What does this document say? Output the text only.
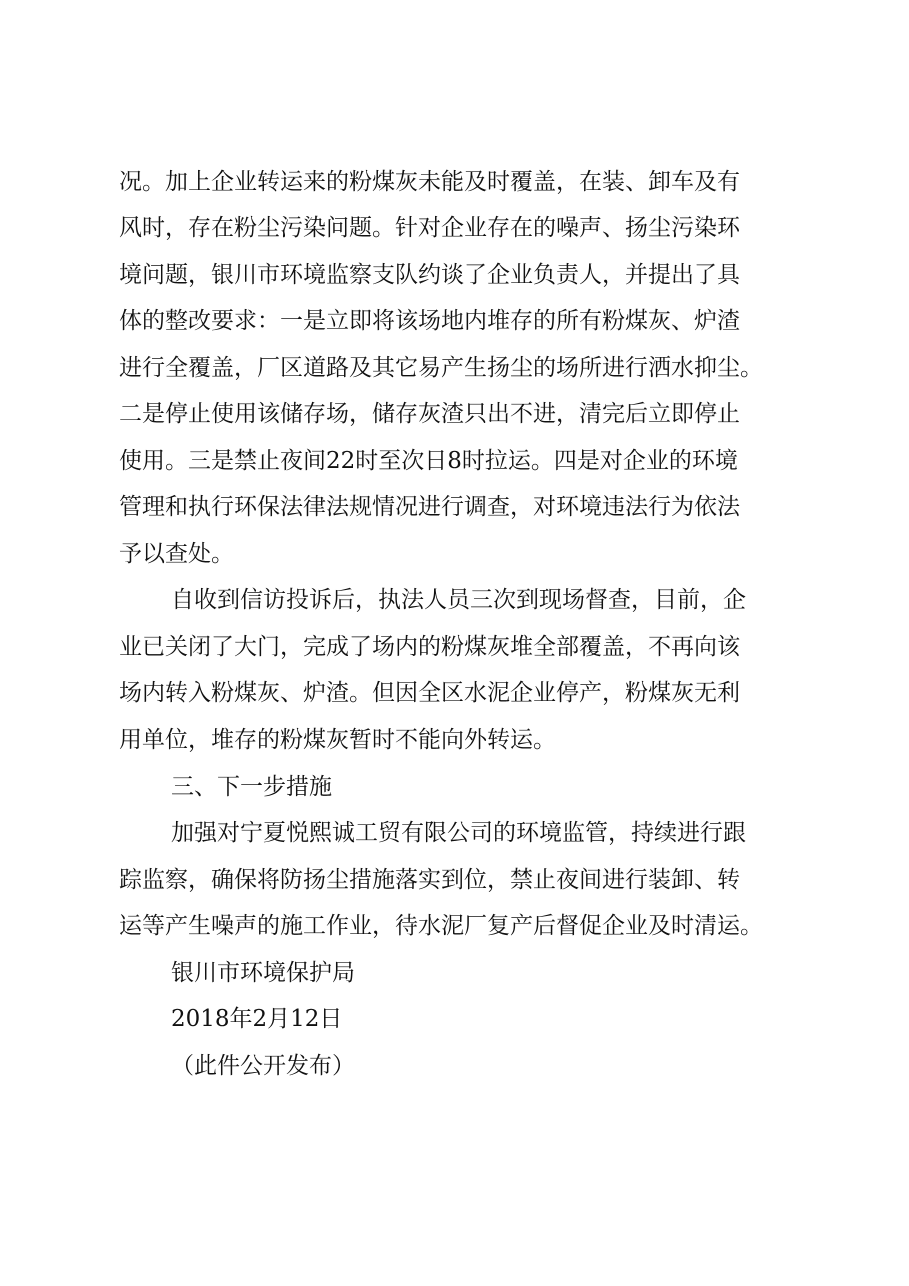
况。加上企业转运来的粉煤灰未能及时覆盖，在装、卸车及有
风时，存在粉尘污染问题。针对企业存在的噪声、扬尘污染环
境问题，银川市环境监察支队约谈了企业负责人，并提出了具
体的整改要求：一是立即将该场地内堆存的所有粉煤灰、炉渣
进行全覆盖，厂区道路及其它易产生扬尘的场所进行洒水抑尘。
二是停止使用该储存场，储存灰渣只出不进，清完后立即停止
使用。三是禁止夜间22时至次日8时拉运。四是对企业的环境
管理和执行环保法律法规情况进行调查，对环境违法行为依法
予以查处。
自收到信访投诉后，执法人员三次到现场督查，目前，企
业已关闭了大门，完成了场内的粉煤灰堆全部覆盖，不再向该
场内转入粉煤灰、炉渣。但因全区水泥企业停产，粉煤灰无利
用单位，堆存的粉煤灰暂时不能向外转运。
三、下一步措施
加强对宁夏悦熙诚工贸有限公司的环境监管，持续进行跟
踪监察，确保将防扬尘措施落实到位，禁止夜间进行装卸、转
运等产生噪声的施工作业，待水泥厂复产后督促企业及时清运。
银川市环境保护局
2018年2月12日
（此件公开发布）
